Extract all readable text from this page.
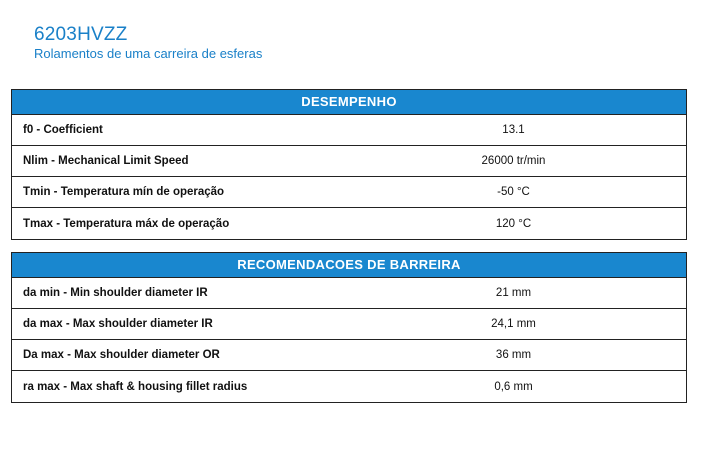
6203HVZZ
Rolamentos de uma carreira de esferas
DESEMPENHO
f0 - Coefficient	13.1
Nlim - Mechanical Limit Speed	26000 tr/min
Tmin - Temperatura mín de operação	-50 °C
Tmax - Temperatura máx de operação	120 °C
RECOMENDACOES DE BARREIRA
da min - Min shoulder diameter IR	21 mm
da max - Max shoulder diameter IR	24,1 mm
Da max - Max shoulder diameter OR	36 mm
ra max - Max shaft & housing fillet radius	0,6 mm
